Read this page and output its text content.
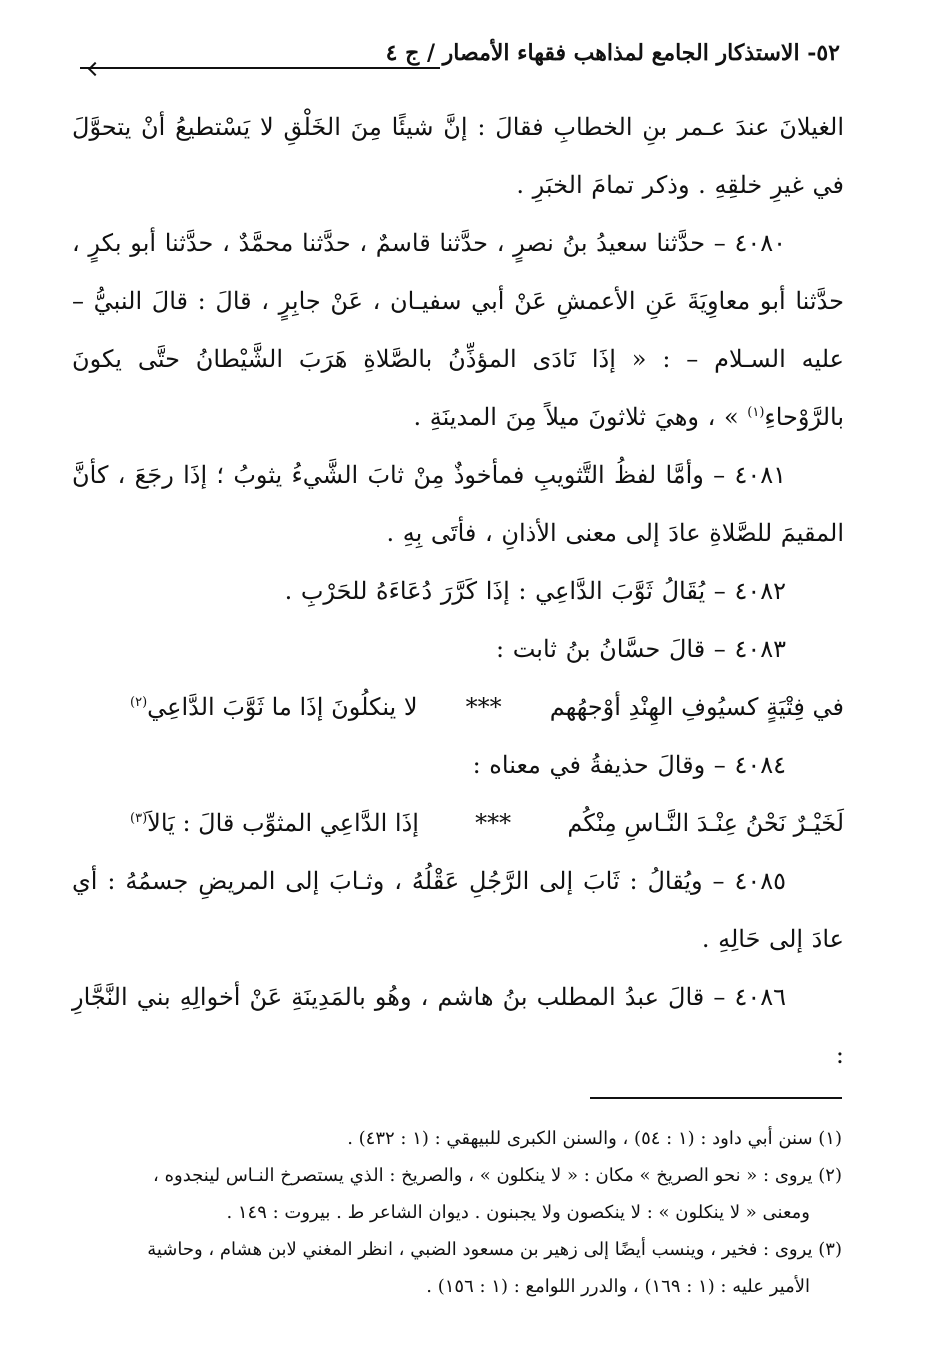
٥٢- الاستذكار الجامع لمذاهب فقهاء الأمصار / ج ٤

الغيلانَ عندَ عـمر بنِ الخطابِ فقالَ : إنَّ شيئًا مِنَ الخَلْقِ لا يَسْتطيعُ أنْ يتحوَّلَ في غيرِ خلقِهِ . وذكر تمامَ الخبَرِ .

٤٠٨٠ – حدَّثنا سعيدُ بنُ نصرٍ ، حدَّثنا قاسمٌ ، حدَّثنا محمَّدٌ ، حدَّثنا أبو بكرٍ ، حدَّثنا أبو معاوِيَةَ عَنِ الأعمشِ عَنْ أبي سفيـان ، عَنْ جابِرٍ ، قالَ : قالَ النبيُّ – عليه السـلام – : « إذَا نَادَى المؤذِّنُ بالصَّلاةِ هَرَبَ الشَّيْطانُ حتَّى يكونَ بالرَّوْحاءِ$^{(١)}$ » ، وهيَ ثلاثونَ ميلاً مِنَ المدينَةِ .

٤٠٨١ – وأمَّا لفظُ التَّثويبِ فمأخوذٌ مِنْ ثابَ الشَّيءُ يثوبُ ؛ إذَا رجَعَ ، كأنَّ المقيمَ للصَّلاةِ عادَ إلى معنى الأذانِ ، فأتَى بِهِ .

٤٠٨٢ – يُقَالُ ثَوَّبَ الدَّاعِي : إذَا كَرَّرَ دُعَاءَهُ للحَرْبِ .

٤٠٨٣ – قالَ حسَّانُ بنُ ثابت :

في فِتْيَةٍ كسيُوفِ الهِنْدِ أوْجهُهم
***
لا ينكلُونَ إذَا ما ثَوَّبَ الدَّاعِي$^{(٢)}$

٤٠٨٤ – وقالَ حذيفةُ في معناه :

لَخَيْـرٌ نَحْنُ عِنْـدَ النَّـاسِ مِنْكُم
***
إذَا الدَّاعِي المثوِّب قالَ : يَالاَ$^{(٣)}$

٤٠٨٥ – ويُقالُ : ثَابَ إلى الرَّجُلِ عَقْلُهُ ، وثـابَ إلى المريضِ جسمُهُ : أي عادَ إلى حَالِهِ .

٤٠٨٦ – قالَ عبدُ المطلب بنُ هاشم ، وهُو بالمَدِينَةِ عَنْ أخوالِهِ بني النَّجَّارِ :

(١) سنن أبي داود : (١ : ٥٤) ، والسنن الكبرى للبيهقي : (١ : ٤٣٢) .

(٢) يروى : « نحو الصريخ » مكان : « لا ينكلون » ، والصريخ : الذي يستصرخ النـاس لينجدوه ،

ومعنى « لا ينكلون » : لا ينكصون ولا يجبنون . ديوان الشاعر ط . بيروت : ١٤٩ .

(٣) يروى : فخير ، وينسب أيضًا إلى زهير بن مسعود الضبي ، انظر المغني لابن هشام ، وحاشية

الأمير عليه : (١ : ١٦٩) ، والدرر اللوامع : (١ : ١٥٦) .
